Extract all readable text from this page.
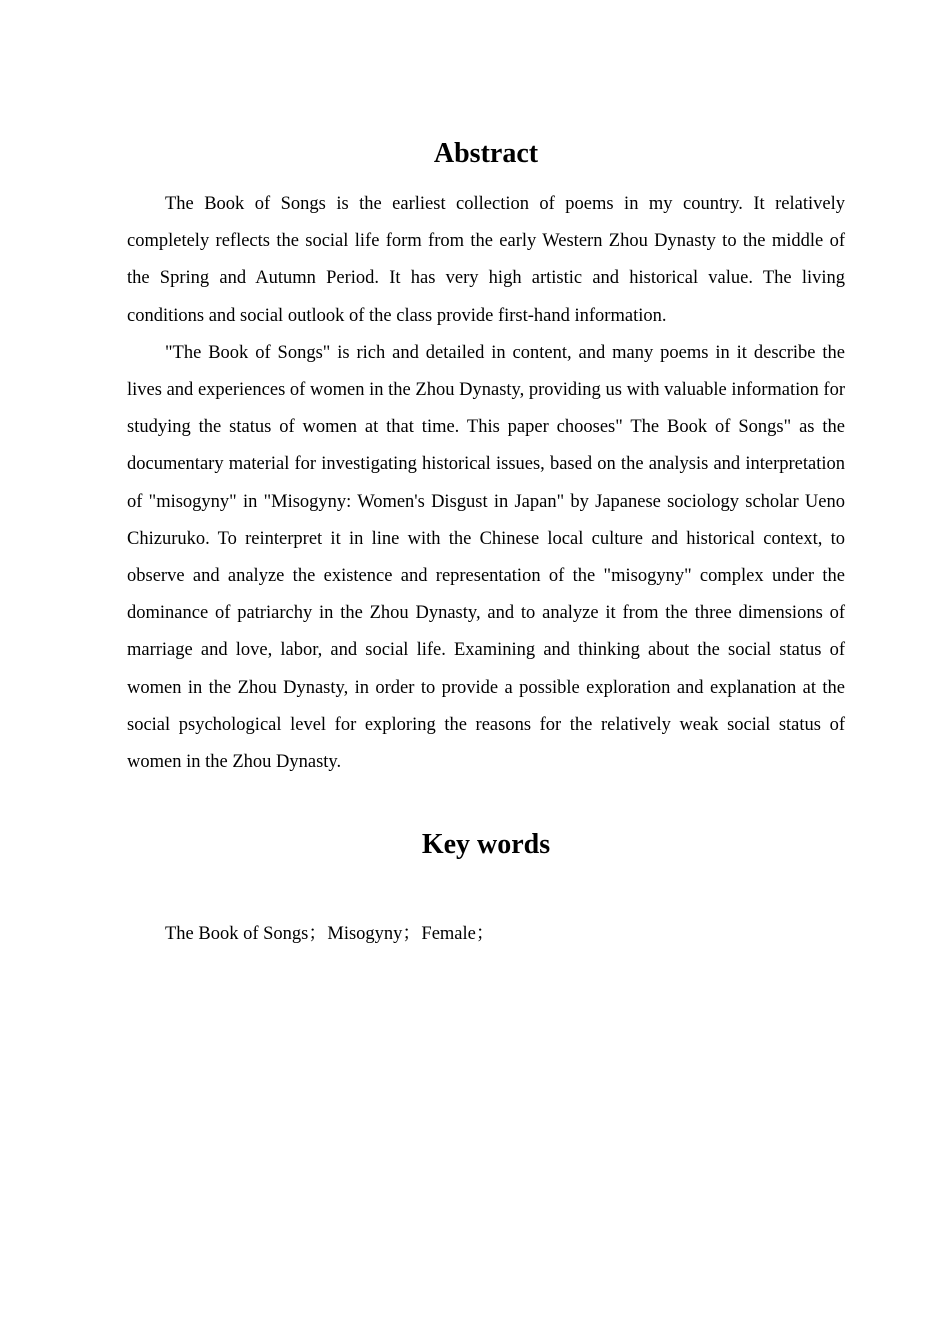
Abstract

The Book of Songs is the earliest collection of poems in my country. It relatively completely reflects the social life form from the early Western Zhou Dynasty to the middle of the Spring and Autumn Period. It has very high artistic and historical value. The living conditions and social outlook of the class provide first-hand information.

"The Book of Songs" is rich and detailed in content, and many poems in it describe the lives and experiences of women in the Zhou Dynasty, providing us with valuable information for studying the status of women at that time. This paper chooses" The Book of Songs" as the documentary material for investigating historical issues, based on the analysis and interpretation of "misogyny" in "Misogyny: Women's Disgust in Japan" by Japanese sociology scholar Ueno Chizuruko. To reinterpret it in line with the Chinese local culture and historical context, to observe and analyze the existence and representation of the "misogyny" complex under the dominance of patriarchy in the Zhou Dynasty, and to analyze it from the three dimensions of marriage and love, labor, and social life. Examining and thinking about the social status of women in the Zhou Dynasty, in order to provide a possible exploration and explanation at the social psychological level for exploring the reasons for the relatively weak social status of women in the Zhou Dynasty.

Key words
The Book of Songs；Misogyny；Female；
